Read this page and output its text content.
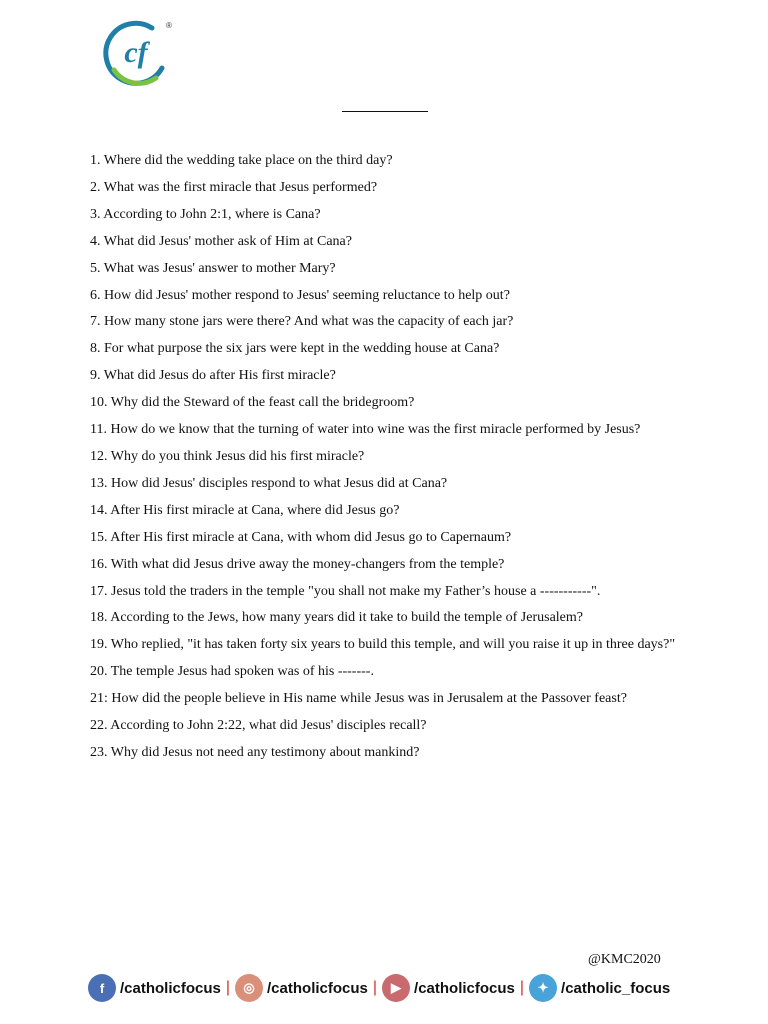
cf
®
1. Where did the wedding take place on the third day?
2. What was the first miracle that Jesus performed?
3. According to John 2:1, where is Cana?
4. What did Jesus' mother ask of Him at Cana?
5. What was Jesus' answer to mother Mary?
6. How did Jesus' mother respond to Jesus' seeming reluctance to help out?
7. How many stone jars were there? And what was the capacity of each jar?
8. For what purpose the six jars were kept in the wedding house at Cana?
9. What did Jesus do after His first miracle?
10. Why did the Steward of the feast call the bridegroom?
11. How do we know that the turning of water into wine was the first miracle performed by Jesus?
12. Why do you think Jesus did his first miracle?
13. How did Jesus' disciples respond to what Jesus did at Cana?
14. After His first miracle at Cana, where did Jesus go?
15. After His first miracle at Cana, with whom did Jesus go to Capernaum?
16. With what did Jesus drive away the money-changers from the temple?
17. Jesus told the traders in the temple "you shall not make my Father’s house a -----------".
18. According to the Jews, how many years did it take to build the temple of Jerusalem?
19. Who replied, "it has taken forty six years to build this temple, and will you raise it up in three days?"
20. The temple Jesus had spoken was of his -------.
21: How did the people believe in His name while Jesus was in Jerusalem at the Passover feast?
22. According to John 2:22, what did Jesus' disciples recall?
23. Why did Jesus not need any testimony about mankind?
@KMC2020
f	/catholicfocus |	◎ /catholicfocus |	▶ /catholicfocus |	✦ /catholic_focus
